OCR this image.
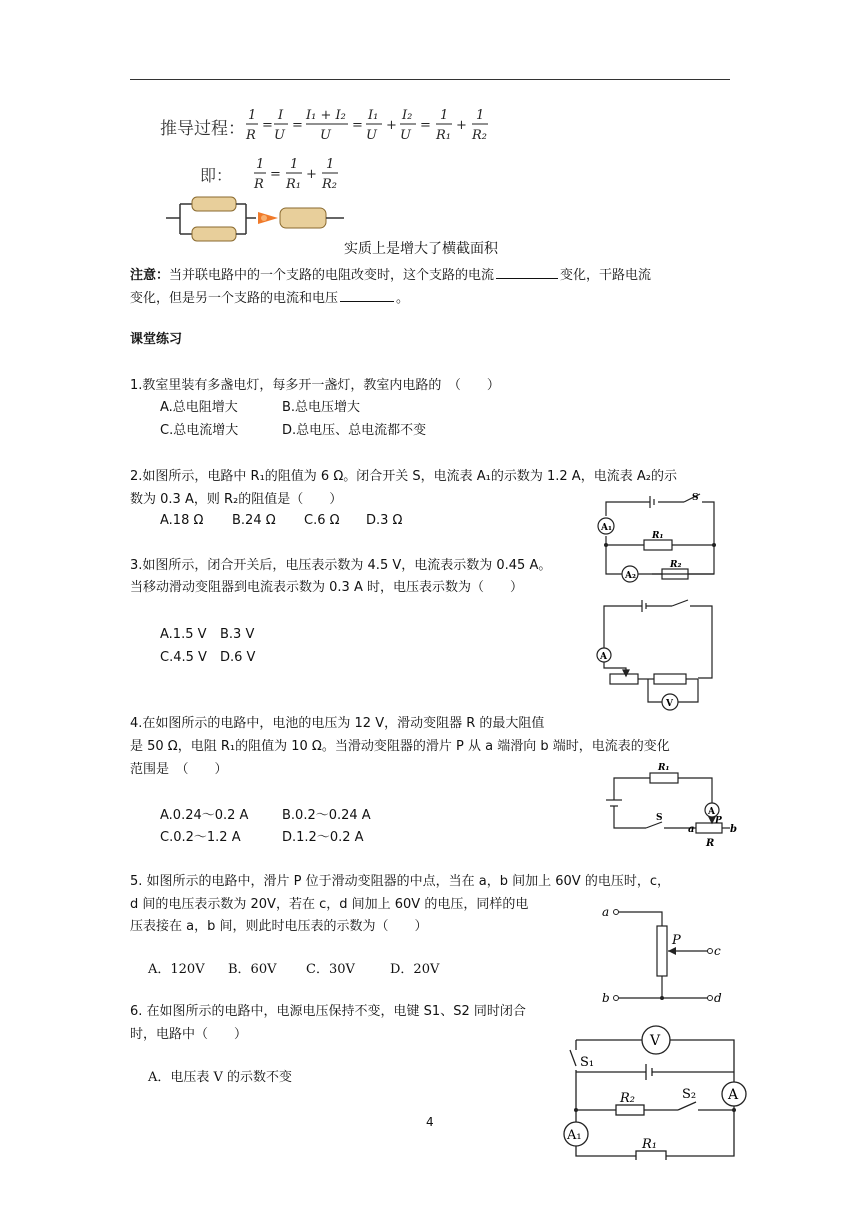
推导过程：
1
R
=
I
U
=
I₁ + I₂
U
=
I₁
U
+
I₂
U
=
1
R₁
+
1
R₂
即：
1
R
=
1
R₁
+
1
R₂
实质上是增大了横截面积
注意：当并联电路中的一个支路的电阻改变时，这个支路的电流	变化，干路电流
变化，但是另一个支路的电流和电压	。
课堂练习
1.教室里装有多盏电灯，每多开一盏灯，教室内电路的　（　　）
A.总电阻增大	B.总电压增大
C.总电流增大	D.总电压、总电流都不变
2.如图所示，电路中 R₁的阻值为 6 Ω。闭合开关 S，电流表 A₁的示数为 1.2 A，电流表 A₂的示
数为 0.3 A，则 R₂的阻值是（　　）
A.18 Ω B.24 Ω C.6 Ω D.3 Ω	A₁
A₂
S
R₁
R₂
3.如图所示，闭合开关后，电压表示数为 4.5 V，电流表示数为 0.45 A。
当移动滑动变阻器到电流表示数为 0.3 A 时，电压表示数为（　　）
A.1.5 V B.3 V
C.4.5 V D.6 V	A
V
4.在如图所示的电路中，电池的电压为 12 V，滑动变阻器 R 的最大阻值
是 50 Ω，电阻 R₁的阻值为 10 Ω。当滑动变阻器的滑片 P 从 a 端滑向 b 端时，电流表的变化
范围是　（　　）
A.0.24～0.2 A	B.0.2～0.24 A
C.0.2～1.2 A	D.1.2～0.2 A
A
R₁
P
S
a	b
R
5. 如图所示的电路中，滑片 P 位于滑动变阻器的中点，当在 a，b 间加上 60V 的电压时，c，
d 间的电压表示数为 20V，若在 c，d 间加上 60V 的电压，同样的电
压表接在 a，b 间，则此时电压表的示数为（　　）
A．120V B．60V C．30V	D．20V
a
b
c
d
P
6. 在如图所示的电路中，电源电压保持不变，电键 S1、S2 同时闭合
时，电路中（　　）
A．电压表 V 的示数不变
V
A
A₁
S₁
S₂
R₂
R₁
4
